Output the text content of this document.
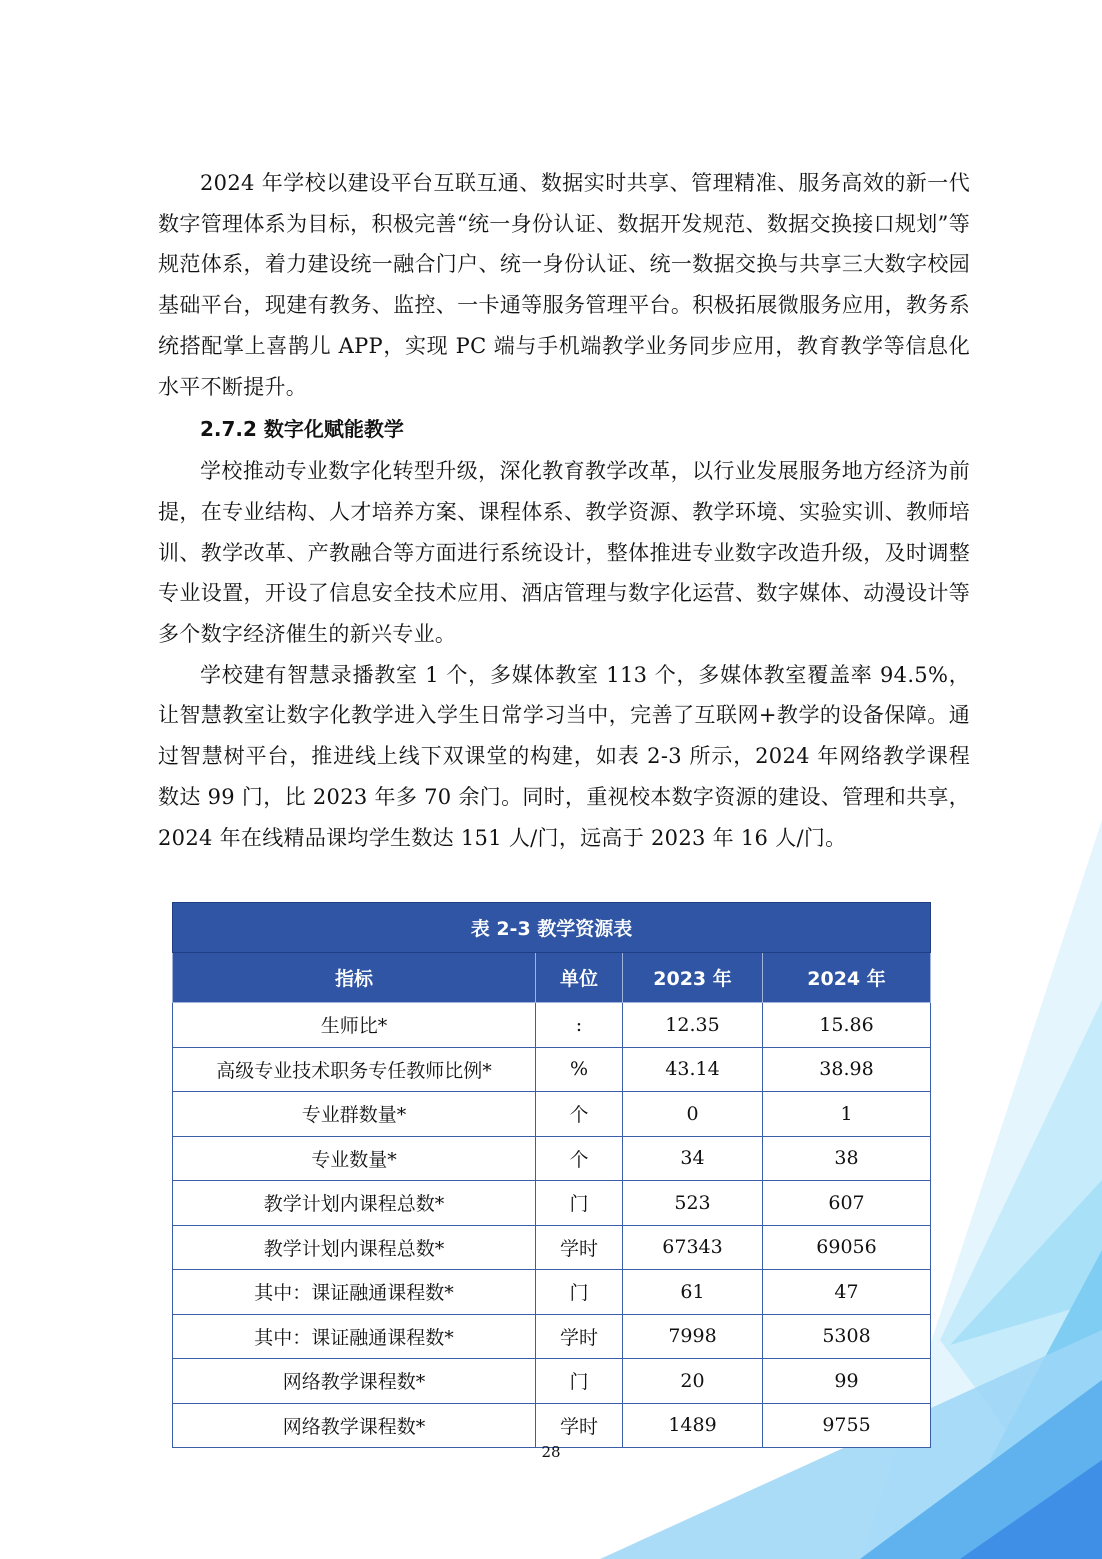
2024 年学校以建设平台互联互通、数据实时共享、管理精准、服务高效的新一代数字管理体系为目标，积极完善“统一身份认证、数据开发规范、数据交换接口规划”等规范体系，着力建设统一融合门户、统一身份认证、统一数据交换与共享三大数字校园基础平台，现建有教务、监控、一卡通等服务管理平台。积极拓展微服务应用，教务系统搭配掌上喜鹊儿 APP，实现 PC 端与手机端教学业务同步应用，教育教学等信息化水平不断提升。

2.7.2 数字化赋能教学

学校推动专业数字化转型升级，深化教育教学改革，以行业发展服务地方经济为前提，在专业结构、人才培养方案、课程体系、教学资源、教学环境、实验实训、教师培训、教学改革、产教融合等方面进行系统设计，整体推进专业数字改造升级，及时调整专业设置，开设了信息安全技术应用、酒店管理与数字化运营、数字媒体、动漫设计等多个数字经济催生的新兴专业。

学校建有智慧录播教室 1 个，多媒体教室 113 个，多媒体教室覆盖率 94.5%，让智慧教室让数字化教学进入学生日常学习当中，完善了互联网+教学的设备保障。通过智慧树平台，推进线上线下双课堂的构建，如表 2-3 所示，2024 年网络教学课程数达 99 门，比 2023 年多 70 余门。同时，重视校本数字资源的建设、管理和共享，2024 年在线精品课均学生数达 151 人/门，远高于 2023 年 16 人/门。

表 2-3 教学资源表			
指标	单位	2023 年	2024 年
生师比*	:	12.35	15.86
高级专业技术职务专任教师比例*	%	43.14	38.98
专业群数量*	个	0	1
专业数量*	个	34	38
教学计划内课程总数*	门	523	607
教学计划内课程总数*	学时	67343	69056
其中：课证融通课程数*	门	61	47
其中：课证融通课程数*	学时	7998	5308
网络教学课程数*	门	20	99
网络教学课程数*	学时	1489	9755
28
